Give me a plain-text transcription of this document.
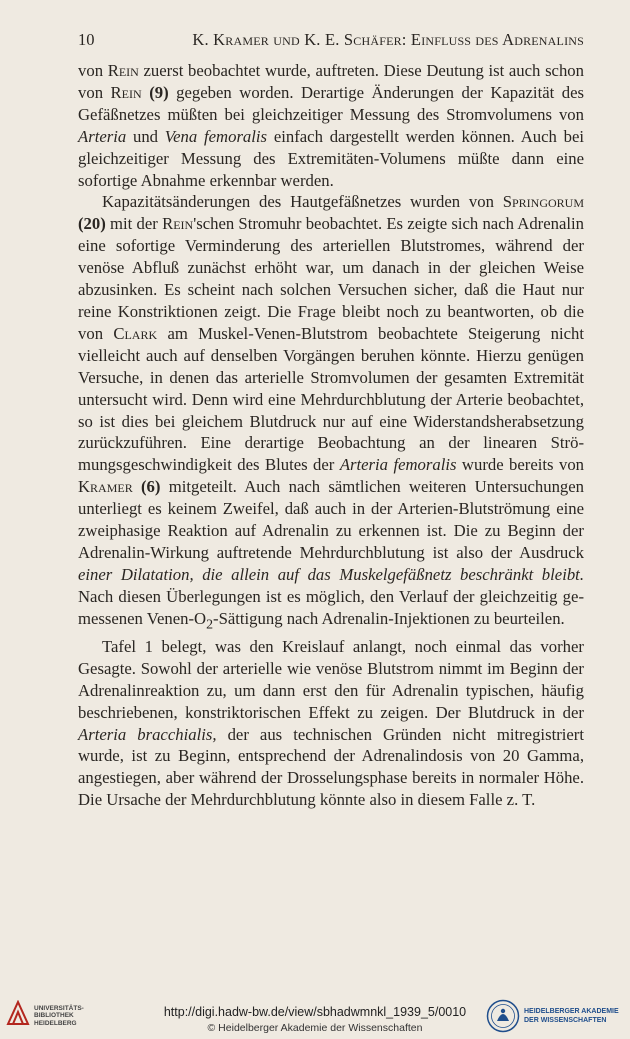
10	K. Kramer und K. E. Schäfer: Einfluß des Adrenalins

von Rein zuerst beobachtet wurde, auftreten. Diese Deutung ist auch schon von Rein (9) gegeben worden. Derartige Änderungen der Kapazität des Gefäßnetzes müßten bei gleichzeitiger Messung des Stromvolumens von Arteria und Vena femoralis einfach dargestellt werden können. Auch bei gleichzeitiger Messung des Extremitäten-Volumens müßte dann eine sofortige Abnahme erkennbar werden.

Kapazitätsänderungen des Hautgefäßnetzes wurden von Springorum (20) mit der Rein'schen Stromuhr beobachtet. Es zeigte sich nach Adrenalin eine sofortige Verminderung des arteriellen Blutstromes, während der venöse Abfluß zunächst erhöht war, um danach in der gleichen Weise abzusinken. Es scheint nach solchen Versuchen sicher, daß die Haut nur reine Konstriktionen zeigt. Die Frage bleibt noch zu beantworten, ob die von Clark am Muskel-Venen-Blutstrom beobachtete Steigerung nicht vielleicht auch auf denselben Vorgängen beruhen könnte. Hierzu genügen Versuche, in denen das arterielle Stromvolumen der gesamten Extremität untersucht wird. Denn wird eine Mehrdurchblutung der Arterie beobachtet, so ist dies bei gleichem Blutdruck nur auf eine Widerstandsherabsetzung zurückzuführen. Eine derartige Beobachtung an der linearen Strömungsgeschwindigkeit des Blutes der Arteria femoralis wurde bereits von Kramer (6) mitgeteilt. Auch nach sämtlichen weiteren Untersuchungen unterliegt es keinem Zweifel, daß auch in der Arterien-Blutströmung eine zweiphasige Reaktion auf Adrenalin zu erkennen ist. Die zu Beginn der Adrenalin-Wirkung auftretende Mehrdurchblutung ist also der Ausdruck einer Dilatation, die allein auf das Muskelgefäßnetz beschränkt bleibt. Nach diesen Überlegungen ist es möglich, den Verlauf der gleichzeitig gemessenen Venen-$O_2$-Sättigung nach Adrenalin-Injektionen zu beurteilen.

Tafel 1 belegt, was den Kreislauf anlangt, noch einmal das vorher Gesagte. Sowohl der arterielle wie venöse Blutstrom nimmt im Beginn der Adrenalinreaktion zu, um dann erst den für Adrenalin typischen, häufig beschriebenen, konstriktorischen Effekt zu zeigen. Der Blutdruck in der Arteria bracchialis, der aus technischen Gründen nicht mitregistriert wurde, ist zu Beginn, entsprechend der Adrenalindosis von 20 Gamma, angestiegen, aber während der Drosselungsphase bereits in normaler Höhe. Die Ursache der Mehrdurchblutung könnte also in diesem Falle z. T.

UNIVERSITÄTS-
BIBLIOTHEK
HEIDELBERG
http://digi.hadw-bw.de/view/sbhadwmnkl_1939_5/0010
© Heidelberger Akademie der Wissenschaften
HEIDELBERGER AKADEMIE
DER WISSENSCHAFTEN
